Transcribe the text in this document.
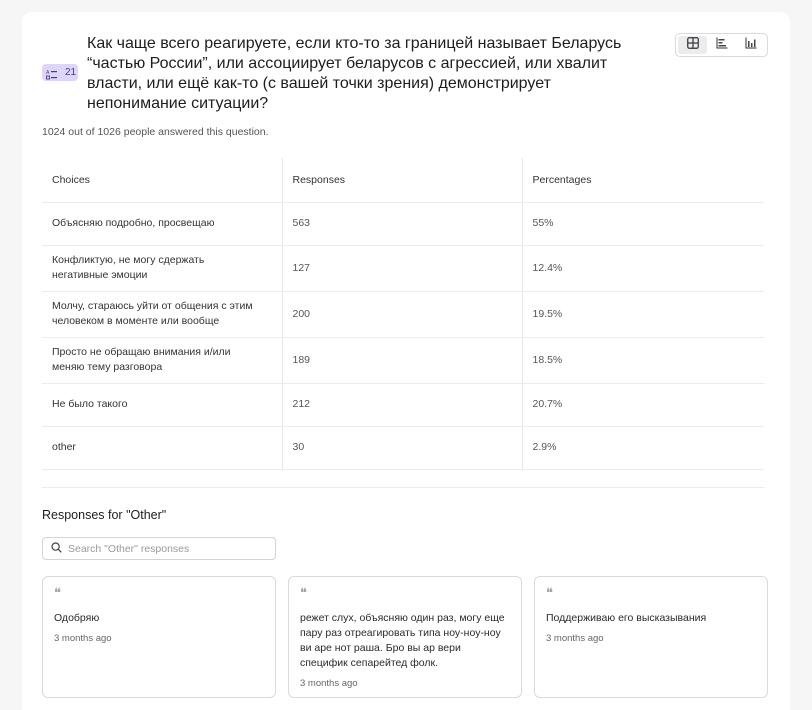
A 21
Как чаще всего реагируете, если кто-то за границей называет Беларусь “частью России”, или ассоциирует беларусов с агрессией, или хвалит власти, или ещё как-то (с вашей точки зрения) демонстрирует непонимание ситуации?
1024 out of 1026 people answered this question.
Choices	Responses	Percentages
Объясняю подробно, просвещаю	563	55%

Конфликтую, не могу сдержать негативные эмоции	127	12.4%

Молчу, стараюсь уйти от общения с этим человеком в моменте или вообще	200	19.5%

Просто не обращаю внимания и/или меняю тему разговора	189	18.5%
Не было такого	212	20.7%
other	30	2.9%
Responses for "Other"
Search "Other" responses
❝
Одобряю
3 months ago
❝
режет слух, объясняю один раз, могу еще пару раз отреагировать типа ноу-ноу-ноу ви аре нот раша. Бро вы ар вери специфик сепарейтед фолк.
3 months ago
❝
Поддерживаю его высказывания
3 months ago
